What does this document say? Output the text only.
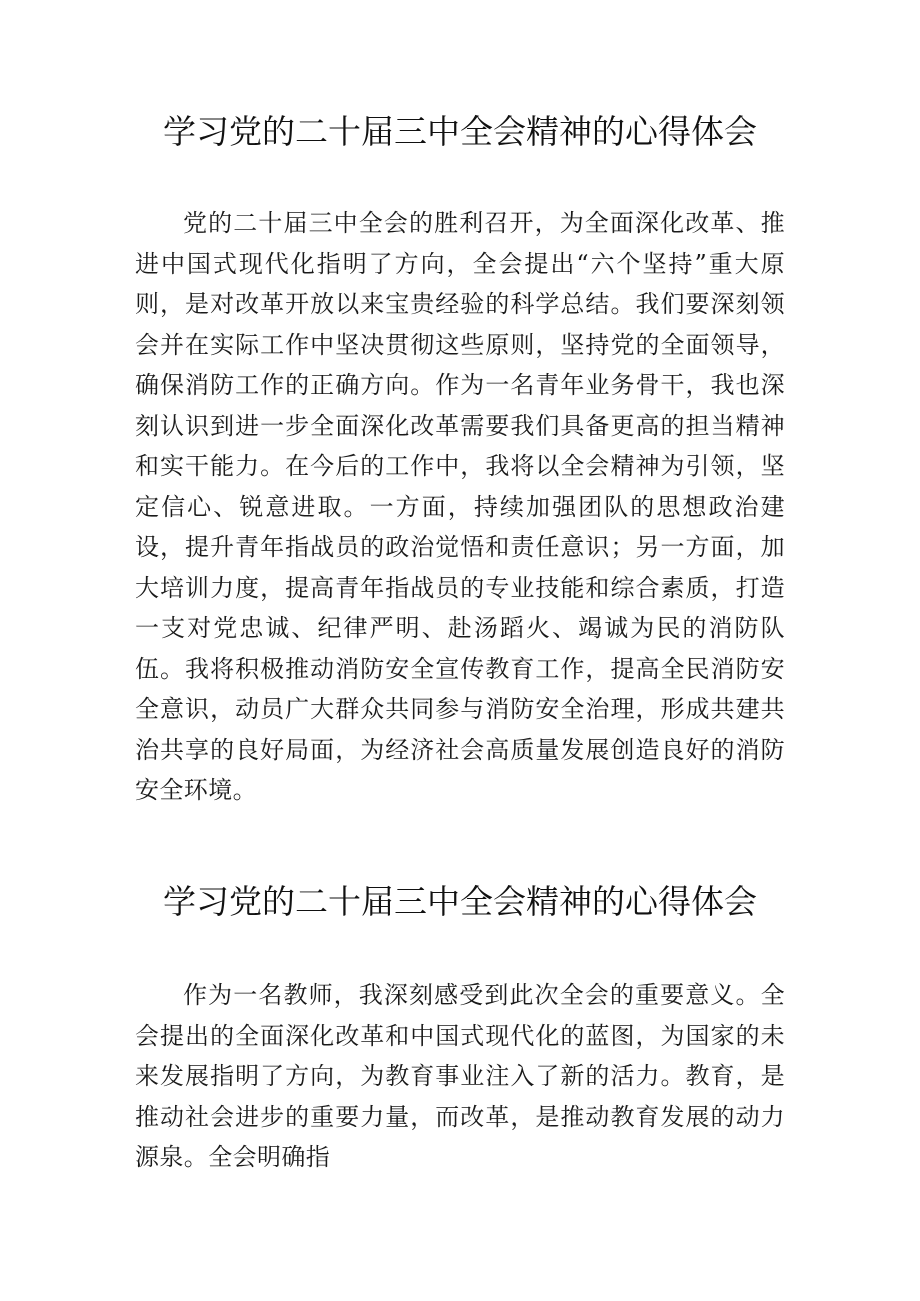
学习党的二十届三中全会精神的心得体会

党的二十届三中全会的胜利召开，为全面深化改革、推进中国式现代化指明了方向，全会提出“六个坚持”重大原则，是对改革开放以来宝贵经验的科学总结。我们要深刻领会并在实际工作中坚决贯彻这些原则，坚持党的全面领导，确保消防工作的正确方向。作为一名青年业务骨干，我也深刻认识到进一步全面深化改革需要我们具备更高的担当精神和实干能力。在今后的工作中，我将以全会精神为引领，坚定信心、锐意进取。一方面，持续加强团队的思想政治建设，提升青年指战员的政治觉悟和责任意识；另一方面，加大培训力度，提高青年指战员的专业技能和综合素质，打造一支对党忠诚、纪律严明、赴汤蹈火、竭诚为民的消防队伍。我将积极推动消防安全宣传教育工作，提高全民消防安全意识，动员广大群众共同参与消防安全治理，形成共建共治共享的良好局面，为经济社会高质量发展创造良好的消防安全环境。

学习党的二十届三中全会精神的心得体会

作为一名教师，我深刻感受到此次全会的重要意义。全会提出的全面深化改革和中国式现代化的蓝图，为国家的未来发展指明了方向，为教育事业注入了新的活力。教育，是推动社会进步的重要力量，而改革，是推动教育发展的动力源泉。全会明确指
